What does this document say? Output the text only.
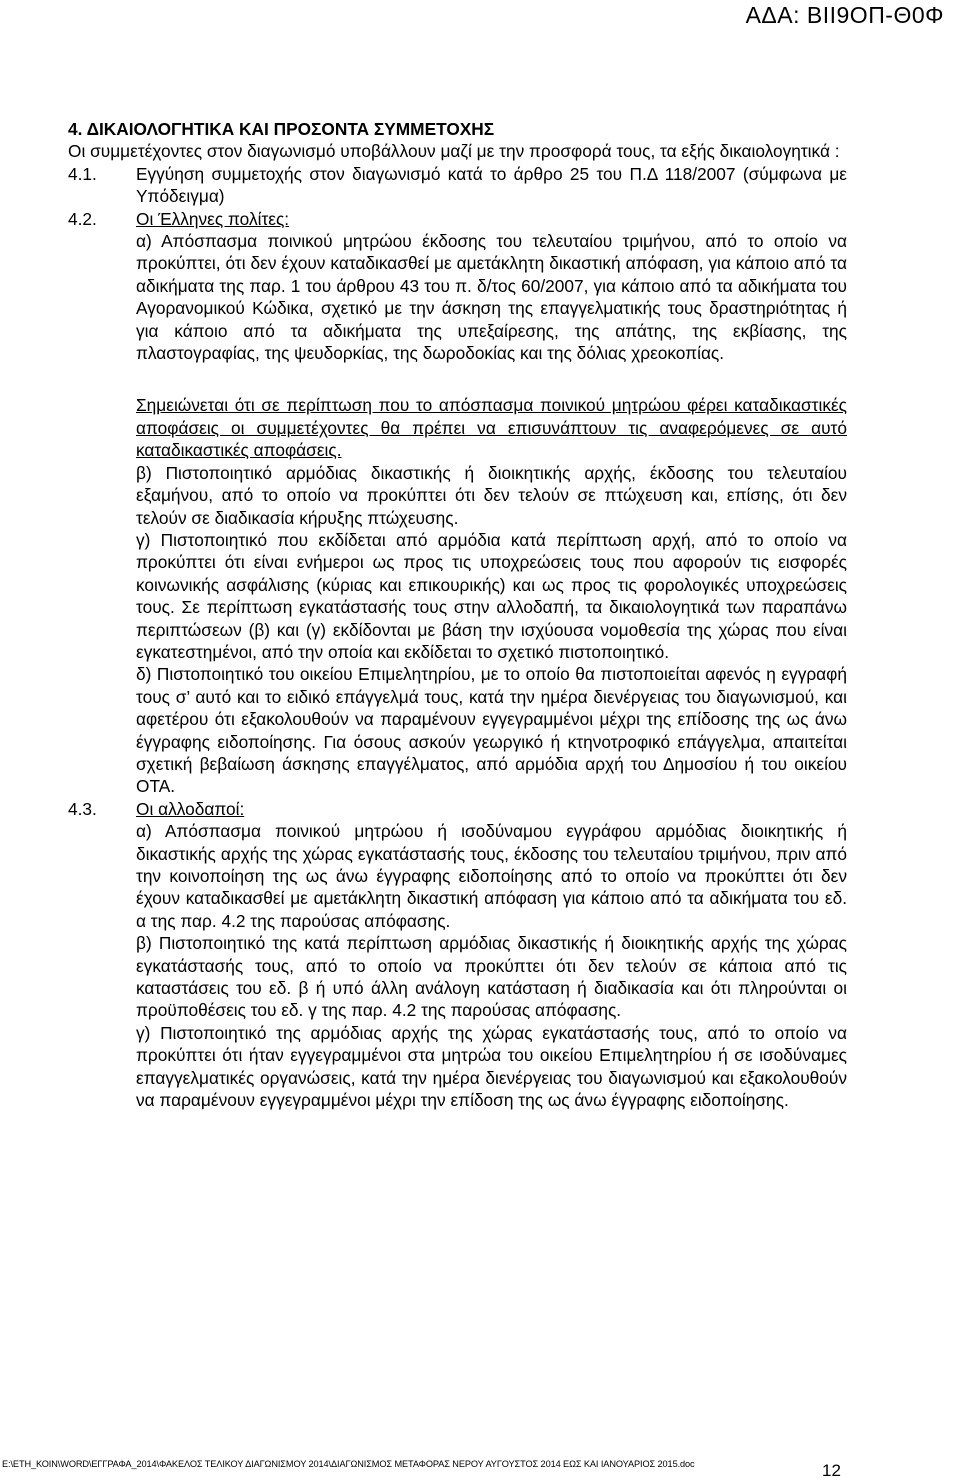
ΑΔΑ: ΒΙΙ9ΟΠ-Θ0Φ
4. ΔΙΚΑΙΟΛΟΓΗΤΙΚΑ ΚΑΙ ΠΡΟΣΟΝΤΑ ΣΥΜΜΕΤΟΧΗΣ

Οι συμμετέχοντες στον διαγωνισμό υποβάλλουν μαζί με την προσφορά τους, τα εξής δικαιολογητικά :

4.1. Εγγύηση συμμετοχής στον διαγωνισμό κατά το άρθρο 25 του Π.Δ 118/2007 (σύμφωνα με Υπόδειγμα)

4.2. Οι Έλληνες πολίτες:

α) Απόσπασμα ποινικού μητρώου έκδοσης του τελευταίου τριμήνου, από το οποίο να προκύπτει, ότι δεν έχουν καταδικασθεί με αμετάκλητη δικαστική απόφαση, για κάποιο από τα αδικήματα της παρ. 1 του άρθρου 43 του π. δ/τος 60/2007, για κάποιο από τα αδικήματα του Αγορανομικού Κώδικα, σχετικό με την άσκηση της επαγγελματικής τους δραστηριότητας ή για κάποιο από τα αδικήματα της υπεξαίρεσης, της απάτης, της εκβίασης, της πλαστογραφίας, της ψευδορκίας, της δωροδοκίας και της δόλιας χρεοκοπίας.

Σημειώνεται ότι σε περίπτωση που το απόσπασμα ποινικού μητρώου φέρει καταδικαστικές αποφάσεις οι συμμετέχοντες θα πρέπει να επισυνάπτουν τις αναφερόμενες σε αυτό καταδικαστικές αποφάσεις.

β) Πιστοποιητικό αρμόδιας δικαστικής ή διοικητικής αρχής, έκδοσης του τελευταίου εξαμήνου, από το οποίο να προκύπτει ότι δεν τελούν σε πτώχευση και, επίσης, ότι δεν τελούν σε διαδικασία κήρυξης πτώχευσης.

γ) Πιστοποιητικό που εκδίδεται από αρμόδια κατά περίπτωση αρχή, από το οποίο να προκύπτει ότι είναι ενήμεροι ως προς τις υποχρεώσεις τους που αφορούν τις εισφορές κοινωνικής ασφάλισης (κύριας και επικουρικής) και ως προς τις φορολογικές υποχρεώσεις τους. Σε περίπτωση εγκατάστασής τους στην αλλοδαπή, τα δικαιολογητικά των παραπάνω περιπτώσεων (β) και (γ) εκδίδονται με βάση την ισχύουσα νομοθεσία της χώρας που είναι εγκατεστημένοι, από την οποία και εκδίδεται το σχετικό πιστοποιητικό.

δ) Πιστοποιητικό του οικείου Επιμελητηρίου, με το οποίο θα πιστοποιείται αφενός η εγγραφή τους σ’ αυτό και το ειδικό επάγγελμά τους, κατά την ημέρα διενέργειας του διαγωνισμού, και αφετέρου ότι εξακολουθούν να παραμένουν εγγεγραμμένοι μέχρι της επίδοσης της ως άνω έγγραφης ειδοποίησης. Για όσους ασκούν γεωργικό ή κτηνοτροφικό επάγγελμα, απαιτείται σχετική βεβαίωση άσκησης επαγγέλματος, από αρμόδια αρχή του Δημοσίου ή του οικείου ΟΤΑ.

4.3. Οι αλλοδαποί:

α) Απόσπασμα ποινικού μητρώου ή ισοδύναμου εγγράφου αρμόδιας διοικητικής ή δικαστικής αρχής της χώρας εγκατάστασής τους, έκδοσης του τελευταίου τριμήνου, πριν από την κοινοποίηση της ως άνω έγγραφης ειδοποίησης από το οποίο να προκύπτει ότι δεν έχουν καταδικασθεί με αμετάκλητη δικαστική απόφαση για κάποιο από τα αδικήματα του εδ. α της παρ. 4.2 της παρούσας απόφασης.

β) Πιστοποιητικό της κατά περίπτωση αρμόδιας δικαστικής ή διοικητικής αρχής της χώρας εγκατάστασής τους, από το οποίο να προκύπτει ότι δεν τελούν σε κάποια από τις καταστάσεις του εδ. β ή υπό άλλη ανάλογη κατάσταση ή διαδικασία και ότι πληρούνται οι προϋποθέσεις του εδ. γ της παρ. 4.2 της παρούσας απόφασης.

γ) Πιστοποιητικό της αρμόδιας αρχής της χώρας εγκατάστασής τους, από το οποίο να προκύπτει ότι ήταν εγγεγραμμένοι στα μητρώα του οικείου Επιμελητηρίου ή σε ισοδύναμες επαγγελματικές οργανώσεις, κατά την ημέρα διενέργειας του διαγωνισμού και εξακολουθούν να παραμένουν εγγεγραμμένοι μέχρι την επίδοση της ως άνω έγγραφης ειδοποίησης.

E:\ΕΤΗ_ΚΟΙΝ\WORD\ΕΓΓΡΑΦΑ_2014\ΦΑΚΕΛΟΣ ΤΕΛΙΚΟΥ ΔΙΑΓΩΝΙΣΜΟΥ 2014\ΔΙΑΓΩΝΙΣΜΟΣ ΜΕΤΑΦΟΡΑΣ ΝΕΡΟΥ ΑΥΓΟΥΣΤΟΣ 2014 ΕΩΣ ΚΑΙ ΙΑΝΟΥΑΡΙΟΣ 2015.doc	12
